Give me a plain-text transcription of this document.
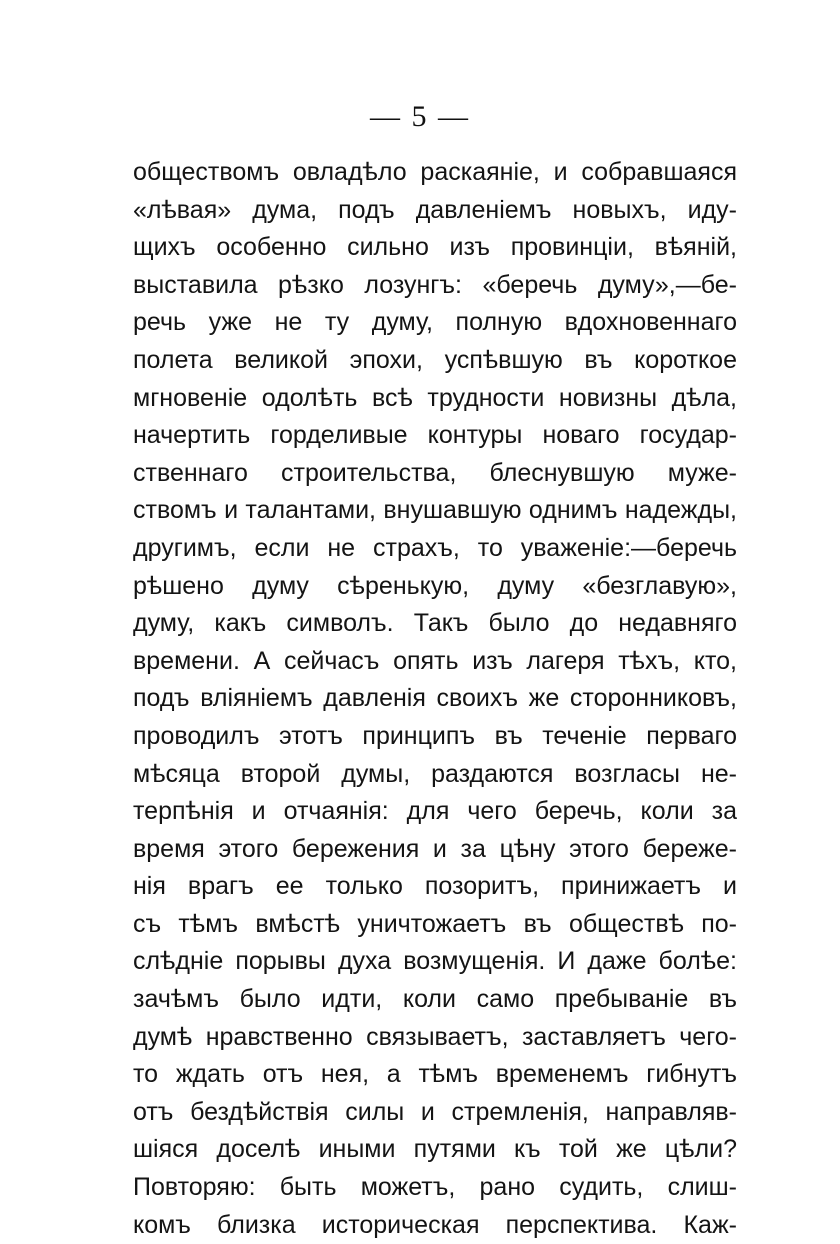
— 5 —
обществомъ овладѣло раскаяніе, и собравшаяся
«лѣвая» дума, подъ давленіемъ новыхъ, иду-
щихъ особенно сильно изъ провинціи, вѣяній,
выставила рѣзко лозунгъ: «беречь думу»,—бе-
речь уже не ту думу, полную вдохновеннаго
полета великой эпохи, успѣвшую въ короткое
мгновеніе одолѣть всѣ трудности новизны дѣла,
начертить горделивые контуры новаго государ-
ственнаго строительства, блеснувшую муже-
ствомъ и талантами, внушавшую однимъ надежды,
другимъ, если не страхъ, то уваженіе:—беречь
рѣшено думу сѣренькую, думу «безглавую»,
думу, какъ символъ. Такъ было до недавняго
времени. А сейчасъ опять изъ лагеря тѣхъ, кто,
подъ вліяніемъ давленія своихъ же сторонниковъ,
проводилъ этотъ принципъ въ теченіе перваго
мѣсяца второй думы, раздаются возгласы не-
терпѣнія и отчаянія: для чего беречь, коли за
время этого бережения и за цѣну этого береже-
нія врагъ ее только позоритъ, принижаетъ и
съ тѣмъ вмѣстѣ уничтожаетъ въ обществѣ по-
слѣдніе порывы духа возмущенія. И даже болѣе:
зачѣмъ было идти, коли само пребываніе въ
думѣ нравственно связываетъ, заставляетъ чего-
то ждать отъ нея, а тѣмъ временемъ гибнутъ
отъ бездѣйствія силы и стремленія, направляв-
шіяся доселѣ иными путями къ той же цѣли?
Повторяю: быть можетъ, рано судить, слиш-
комъ близка историческая перспектива. Каж-
